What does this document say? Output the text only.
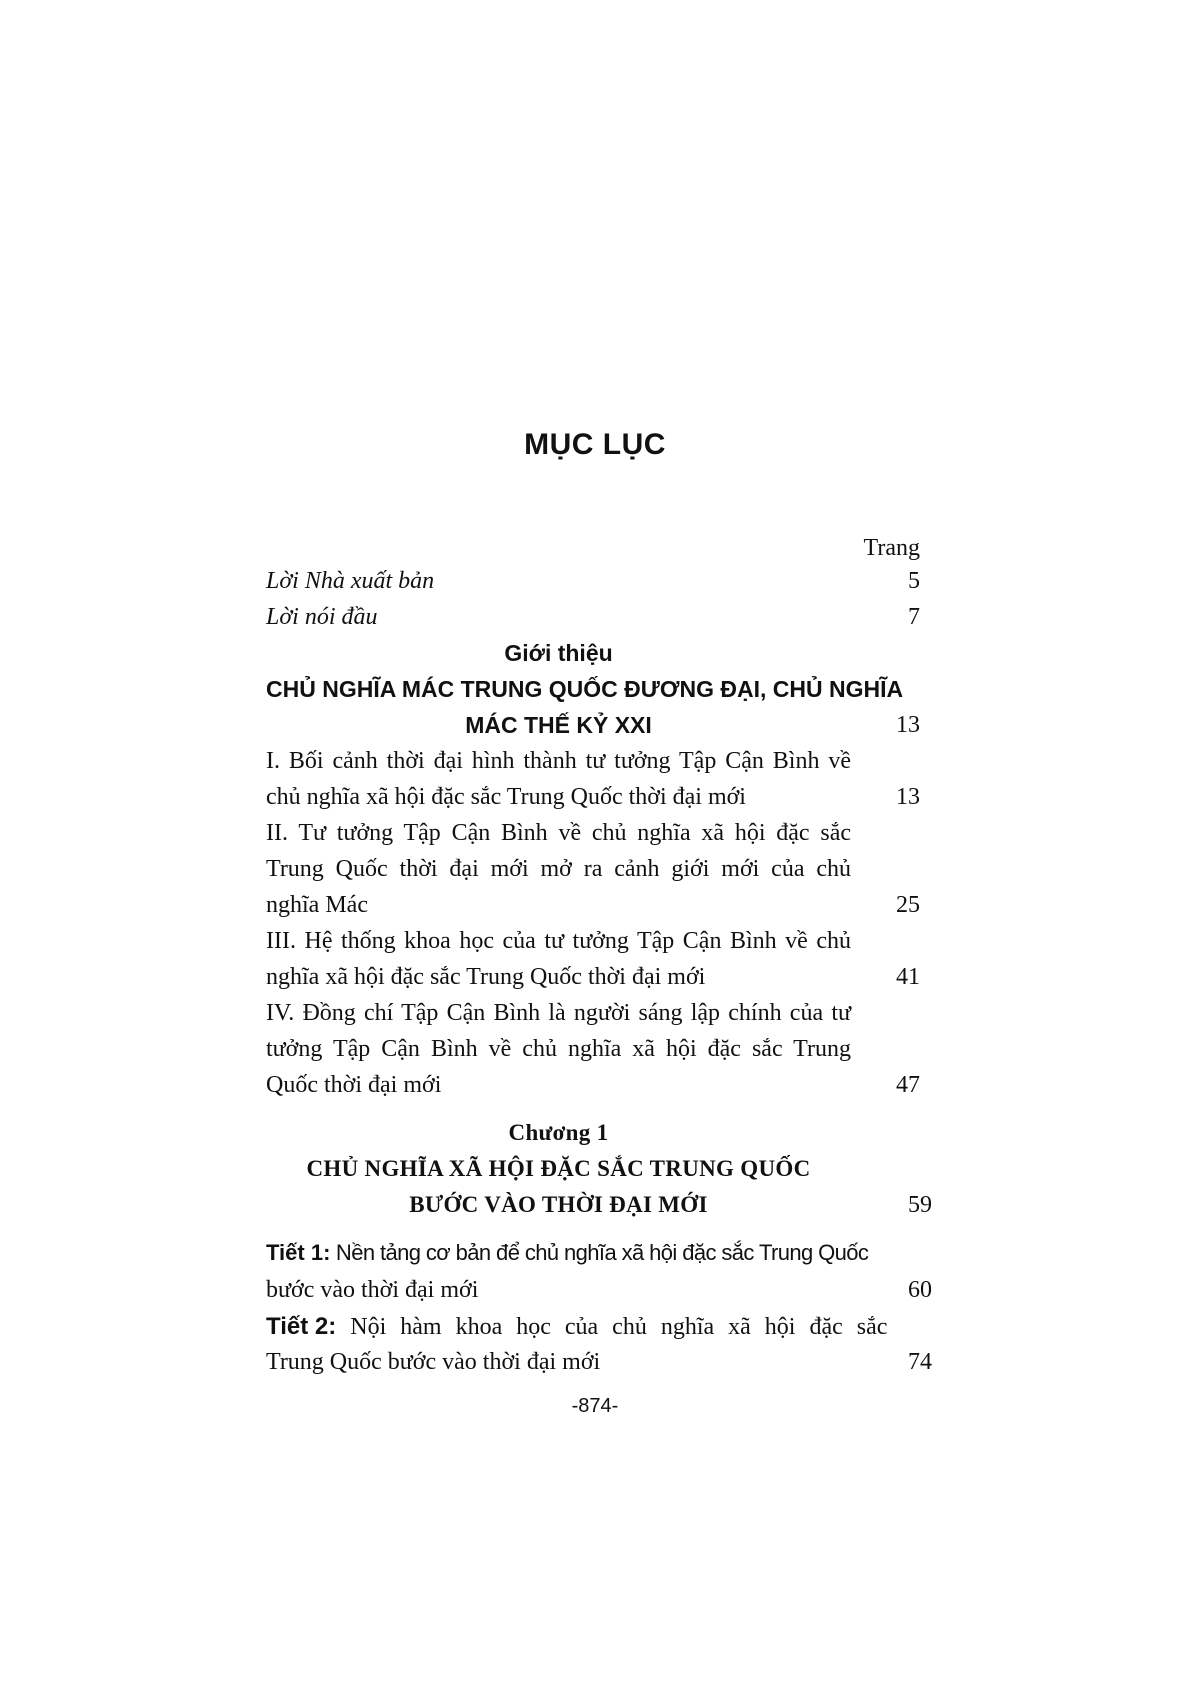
MỤC LỤC
Trang
Lời Nhà xuất bản	5
Lời nói đầu	7
Giới thiệu
CHỦ NGHĨA MÁC TRUNG QUỐC ĐƯƠNG ĐẠI, CHỦ NGHĨA
MÁC THẾ KỶ XXI	13
I. Bối cảnh thời đại hình thành tư tưởng Tập Cận Bình về
chủ nghĩa xã hội đặc sắc Trung Quốc thời đại mới	13
II. Tư tưởng Tập Cận Bình về chủ nghĩa xã hội đặc sắc
Trung Quốc thời đại mới mở ra cảnh giới mới của chủ
nghĩa Mác	25
III. Hệ thống khoa học của tư tưởng Tập Cận Bình về chủ
nghĩa xã hội đặc sắc Trung Quốc thời đại mới	41
IV. Đồng chí Tập Cận Bình là người sáng lập chính của tư
tưởng Tập Cận Bình về chủ nghĩa xã hội đặc sắc Trung
Quốc thời đại mới	47
Chương 1
CHỦ NGHĨA XÃ HỘI ĐẶC SẮC TRUNG QUỐC
BƯỚC VÀO THỜI ĐẠI MỚI	59
Tiết 1: Nền tảng cơ bản để chủ nghĩa xã hội đặc sắc Trung Quốc
bước vào thời đại mới	60
Tiết 2: Nội hàm khoa học của chủ nghĩa xã hội đặc sắc
Trung Quốc bước vào thời đại mới	74
-874-
